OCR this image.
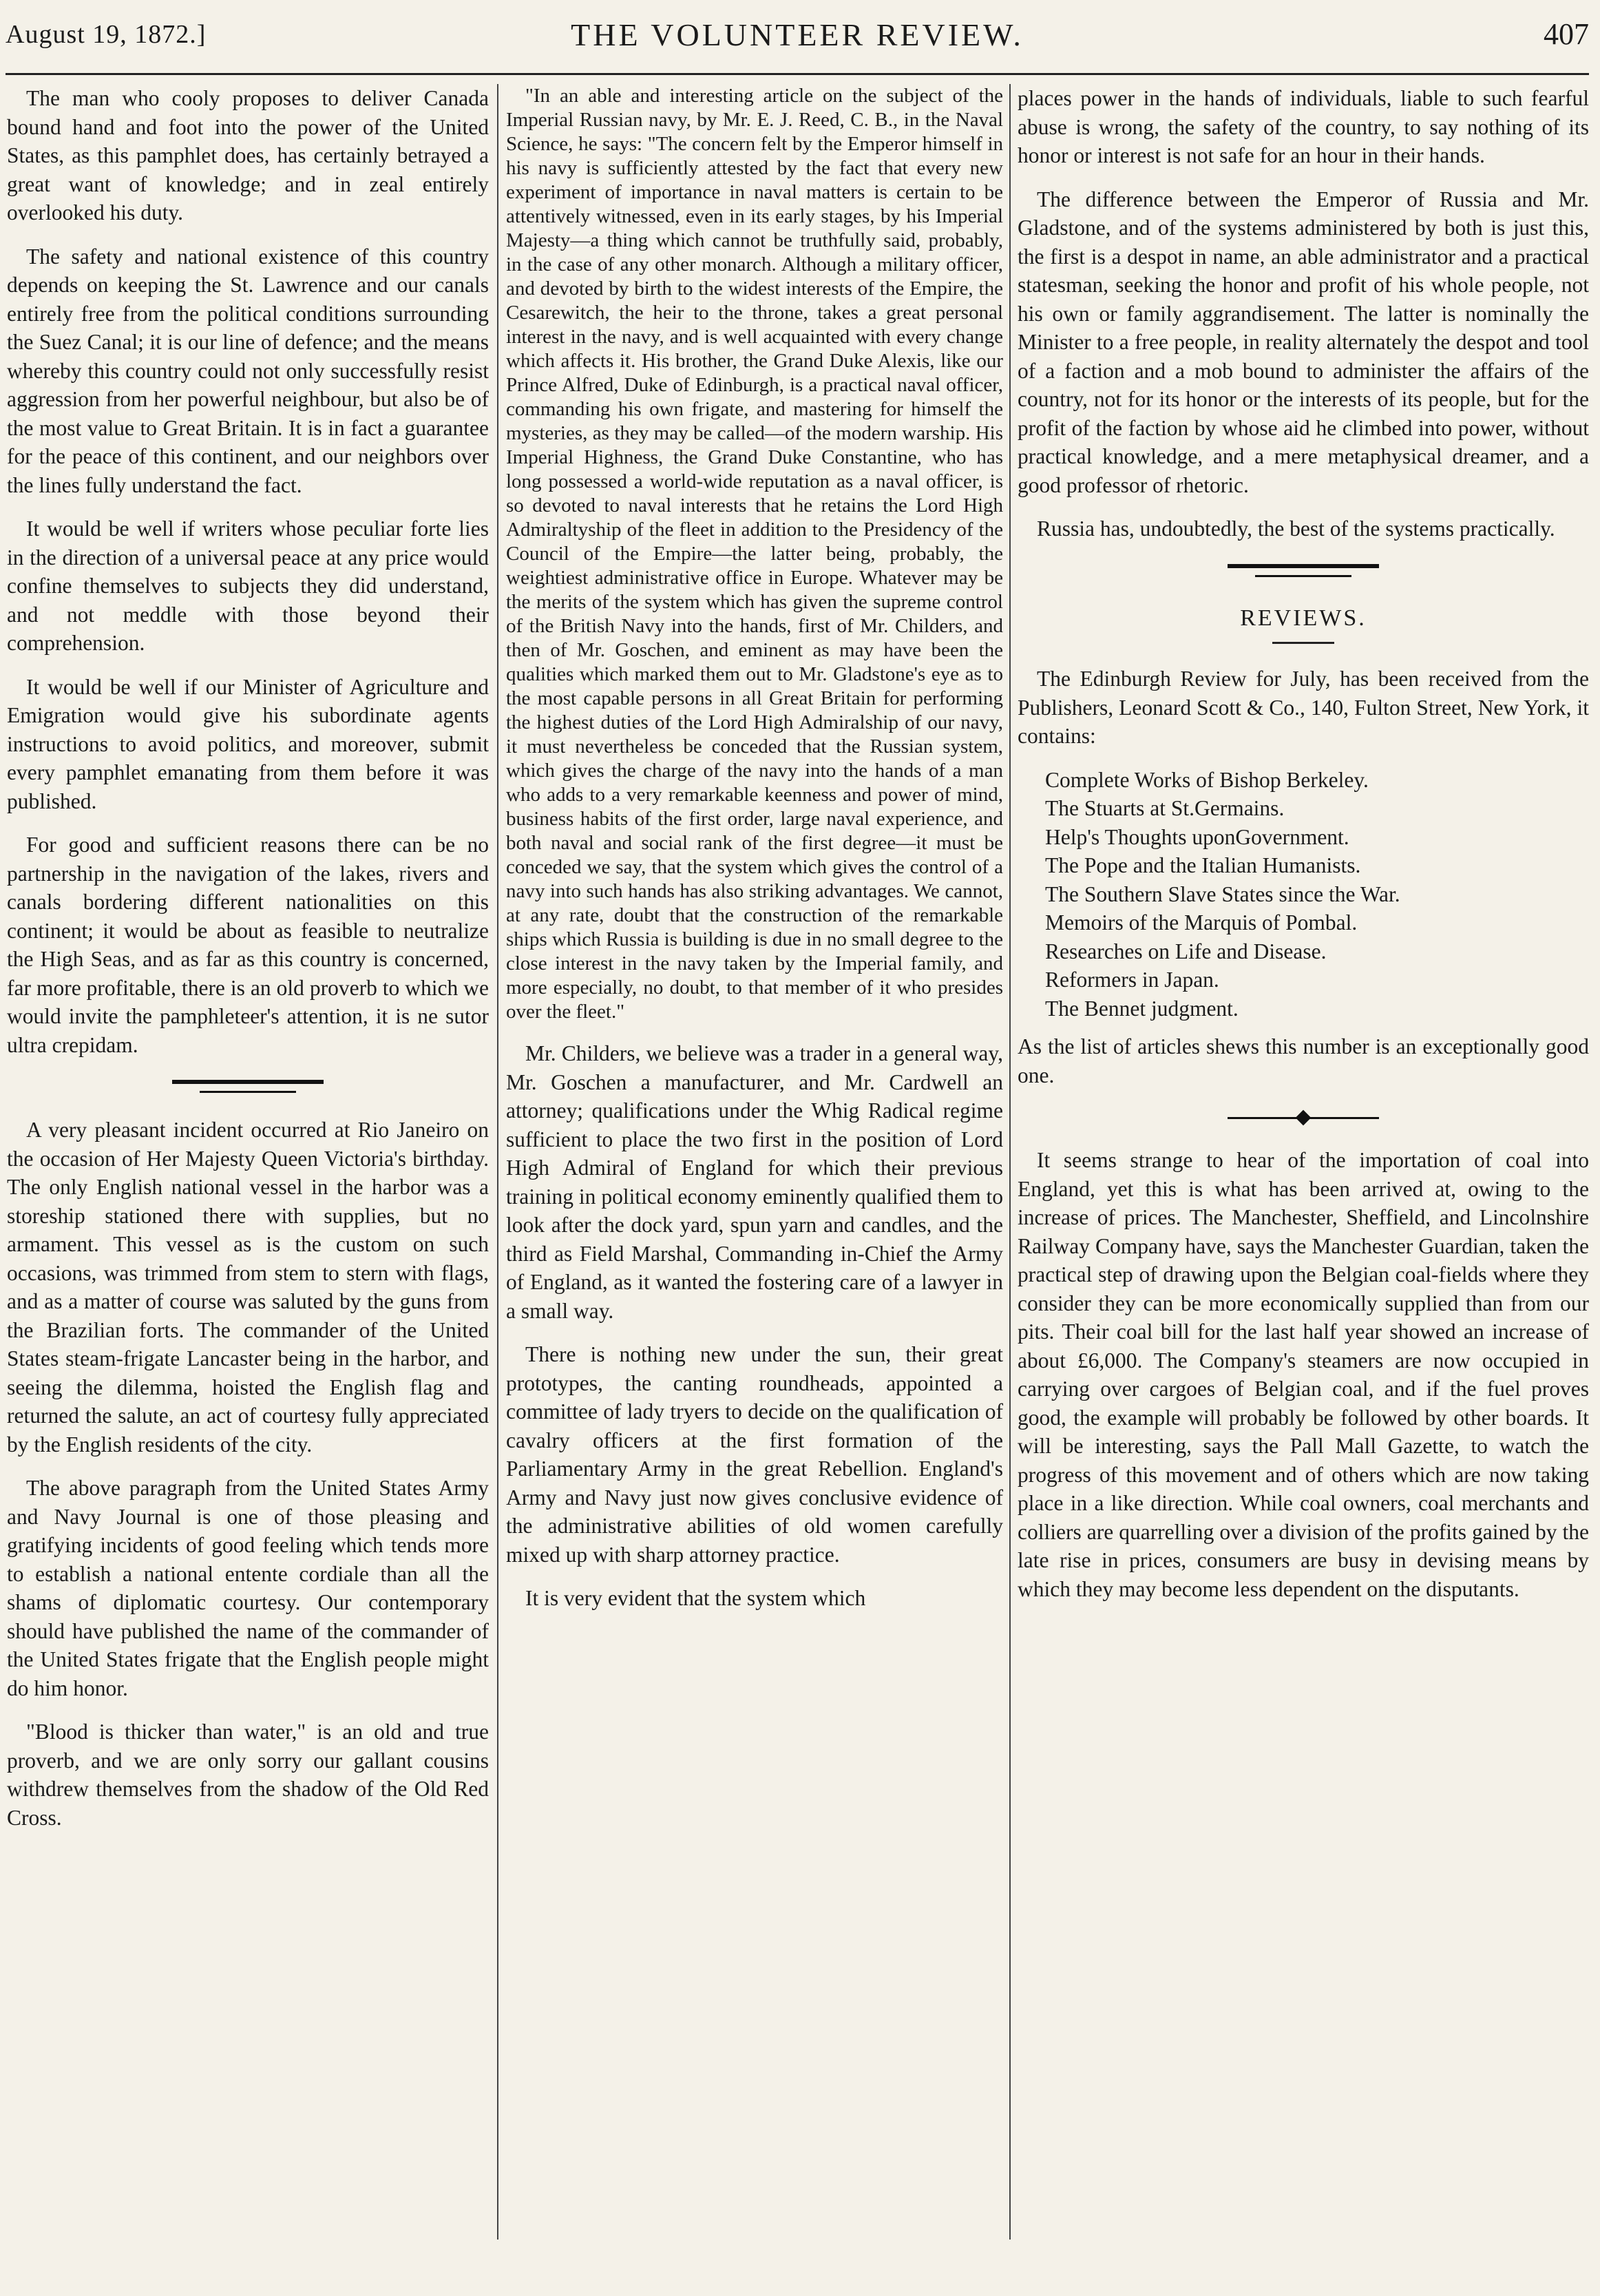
August 19, 1872.]	THE VOLUNTEER REVIEW.	407

The man who cooly proposes to deliver Canada bound hand and foot into the power of the United States, as this pamphlet does, has certainly betrayed a great want of knowledge; and in zeal entirely overlooked his duty.

The safety and national existence of this country depends on keeping the St. Lawrence and our canals entirely free from the political conditions surrounding the Suez Canal; it is our line of defence; and the means whereby this country could not only successfully resist aggression from her powerful neighbour, but also be of the most value to Great Britain. It is in fact a guarantee for the peace of this continent, and our neighbors over the lines fully understand the fact.

It would be well if writers whose peculiar forte lies in the direction of a universal peace at any price would confine themselves to subjects they did understand, and not meddle with those beyond their comprehension.

It would be well if our Minister of Agriculture and Emigration would give his subordinate agents instructions to avoid politics, and moreover, submit every pamphlet emanating from them before it was published.

For good and sufficient reasons there can be no partnership in the navigation of the lakes, rivers and canals bordering different nationalities on this continent; it would be about as feasible to neutralize the High Seas, and as far as this country is concerned, far more profitable, there is an old proverb to which we would invite the pamphleteer's attention, it is ne sutor ultra crepidam.

A very pleasant incident occurred at Rio Janeiro on the occasion of Her Majesty Queen Victoria's birthday. The only English national vessel in the harbor was a storeship stationed there with supplies, but no armament. This vessel as is the custom on such occasions, was trimmed from stem to stern with flags, and as a matter of course was saluted by the guns from the Brazilian forts. The commander of the United States steam-frigate Lancaster being in the harbor, and seeing the dilemma, hoisted the English flag and returned the salute, an act of courtesy fully appreciated by the English residents of the city.

The above paragraph from the United States Army and Navy Journal is one of those pleasing and gratifying incidents of good feeling which tends more to establish a national entente cordiale than all the shams of diplomatic courtesy. Our contemporary should have published the name of the commander of the United States frigate that the English people might do him honor.

"Blood is thicker than water," is an old and true proverb, and we are only sorry our gallant cousins withdrew themselves from the shadow of the Old Red Cross.

"In an able and interesting article on the subject of the Imperial Russian navy, by Mr. E. J. Reed, C. B., in the Naval Science, he says: "The concern felt by the Emperor himself in his navy is sufficiently attested by the fact that every new experiment of importance in naval matters is certain to be attentively witnessed, even in its early stages, by his Imperial Majesty—a thing which cannot be truthfully said, probably, in the case of any other monarch. Although a military officer, and devoted by birth to the widest interests of the Empire, the Cesarewitch, the heir to the throne, takes a great personal interest in the navy, and is well acquainted with every change which affects it. His brother, the Grand Duke Alexis, like our Prince Alfred, Duke of Edinburgh, is a practical naval officer, commanding his own frigate, and mastering for himself the mysteries, as they may be called—of the modern warship. His Imperial Highness, the Grand Duke Constantine, who has long possessed a world-wide reputation as a naval officer, is so devoted to naval interests that he retains the Lord High Admiraltyship of the fleet in addition to the Presidency of the Council of the Empire—the latter being, probably, the weightiest administrative office in Europe. Whatever may be the merits of the system which has given the supreme control of the British Navy into the hands, first of Mr. Childers, and then of Mr. Goschen, and eminent as may have been the qualities which marked them out to Mr. Gladstone's eye as to the most capable persons in all Great Britain for performing the highest duties of the Lord High Admiralship of our navy, it must nevertheless be conceded that the Russian system, which gives the charge of the navy into the hands of a man who adds to a very remarkable keenness and power of mind, business habits of the first order, large naval experience, and both naval and social rank of the first degree—it must be conceded we say, that the system which gives the control of a navy into such hands has also striking advantages. We cannot, at any rate, doubt that the construction of the remarkable ships which Russia is building is due in no small degree to the close interest in the navy taken by the Imperial family, and more especially, no doubt, to that member of it who presides over the fleet."

Mr. Childers, we believe was a trader in a general way, Mr. Goschen a manufacturer, and Mr. Cardwell an attorney; qualifications under the Whig Radical regime sufficient to place the two first in the position of Lord High Admiral of England for which their previous training in political economy eminently qualified them to look after the dock yard, spun yarn and candles, and the third as Field Marshal, Commanding in-Chief the Army of England, as it wanted the fostering care of a lawyer in a small way.

There is nothing new under the sun, their great prototypes, the canting roundheads, appointed a committee of lady tryers to decide on the qualification of cavalry officers at the first formation of the Parliamentary Army in the great Rebellion. England's Army and Navy just now gives conclusive evidence of the administrative abilities of old women carefully mixed up with sharp attorney practice.

It is very evident that the system which

places power in the hands of individuals, liable to such fearful abuse is wrong, the safety of the country, to say nothing of its honor or interest is not safe for an hour in their hands.

The difference between the Emperor of Russia and Mr. Gladstone, and of the systems administered by both is just this, the first is a despot in name, an able administrator and a practical statesman, seeking the honor and profit of his whole people, not his own or family aggrandisement. The latter is nominally the Minister to a free people, in reality alternately the despot and tool of a faction and a mob bound to administer the affairs of the country, not for its honor or the interests of its people, but for the profit of the faction by whose aid he climbed into power, without practical knowledge, and a mere metaphysical dreamer, and a good professor of rhetoric.

Russia has, undoubtedly, the best of the systems practically.

REVIEWS.

The Edinburgh Review for July, has been received from the Publishers, Leonard Scott & Co., 140, Fulton Street, New York, it contains:

Complete Works of Bishop Berkeley.
The Stuarts at St.Germains.
Help's Thoughts uponGovernment.
The Pope and the Italian Humanists.
The Southern Slave States since the War.
Memoirs of the Marquis of Pombal.
Researches on Life and Disease.
Reformers in Japan.
The Bennet judgment.

As the list of articles shews this number is an exceptionally good one.

It seems strange to hear of the importation of coal into England, yet this is what has been arrived at, owing to the increase of prices. The Manchester, Sheffield, and Lincolnshire Railway Company have, says the Manchester Guardian, taken the practical step of drawing upon the Belgian coal-fields where they consider they can be more economically supplied than from our pits. Their coal bill for the last half year showed an increase of about £6,000. The Company's steamers are now occupied in carrying over cargoes of Belgian coal, and if the fuel proves good, the example will probably be followed by other boards. It will be interesting, says the Pall Mall Gazette, to watch the progress of this movement and of others which are now taking place in a like direction. While coal owners, coal merchants and colliers are quarrelling over a division of the profits gained by the late rise in prices, consumers are busy in devising means by which they may become less dependent on the disputants.
